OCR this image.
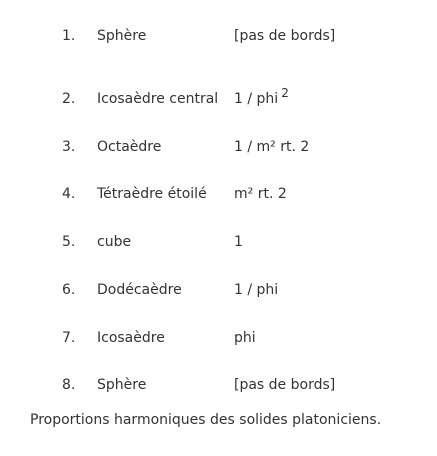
1. Sphère	[pas de bords]
2. Icosaèdre central 1 / phi $^2$
3. Octaèdre	1 / m² rt. 2
4. Tétraèdre étoilé m² rt. 2
5. cube	1
6. Dodécaèdre	1 / phi
7. Icosaèdre	phi
8. Sphère	[pas de bords]
Proportions harmoniques des solides platoniciens.
